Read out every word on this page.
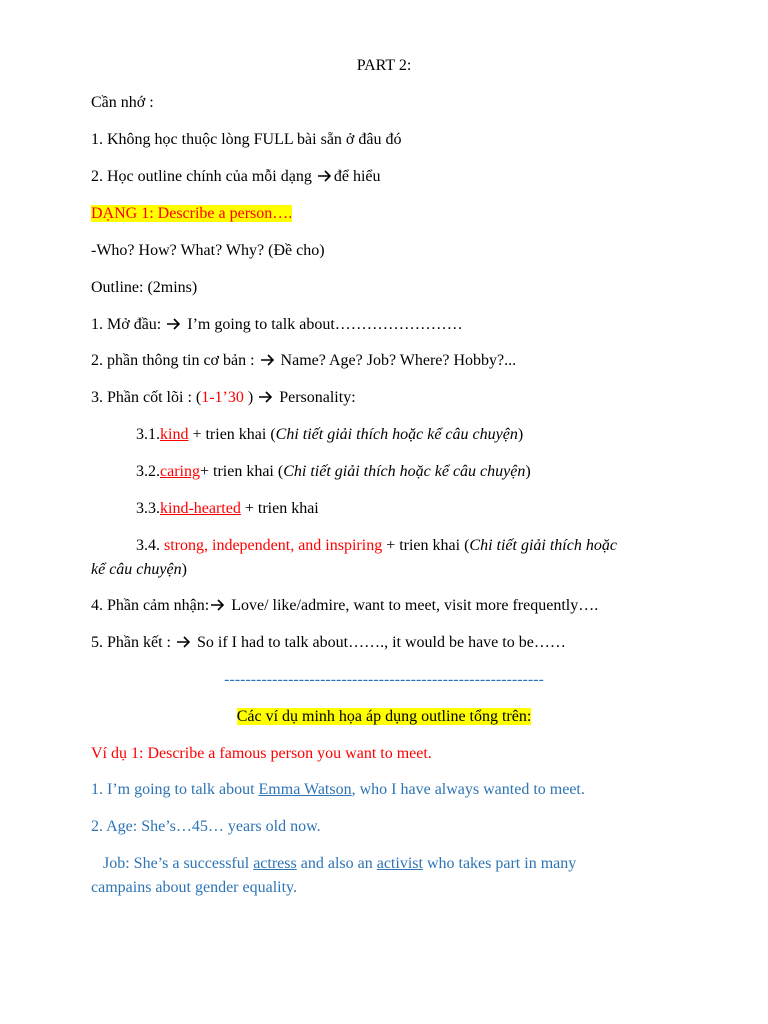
PART 2:
Cần nhớ :
1. Không học thuộc lòng FULL bài sẵn ở đâu đó
2. Học outline chính của mỗi dạng để hiểu
DẠNG 1: Describe a person….
-Who? How? What? Why? (Đề cho)
Outline: (2mins)
1. Mở đầu:  I’m going to talk about……………………
2. phần thông tin cơ bản :  Name? Age? Job? Where? Hobby?...
3. Phần cốt lõi : (1-1’30 )  Personality:
3.1.kind + trien khai (Chi tiết giải thích hoặc kể câu chuyện)
3.2.caring+ trien khai (Chi tiết giải thích hoặc kể câu chuyện)
3.3.kind-hearted + trien khai
3.4. strong, independent, and inspiring + trien khai (Chi tiết giải thích hoặc
kể câu chuyện)
4. Phần cảm nhận: Love/ like/admire, want to meet, visit more frequently….
5. Phần kết :  So if I had to talk about……., it would be have to be……
------------------------------------------------------------
Các ví dụ minh họa áp dụng outline tổng trên:
Ví dụ 1: Describe a famous person you want to meet.
1. I’m going to talk about Emma Watson, who I have always wanted to meet.
2. Age: She’s…45… years old now.
Job: She’s a successful actress and also an activist who takes part in many
campains about gender equality.
